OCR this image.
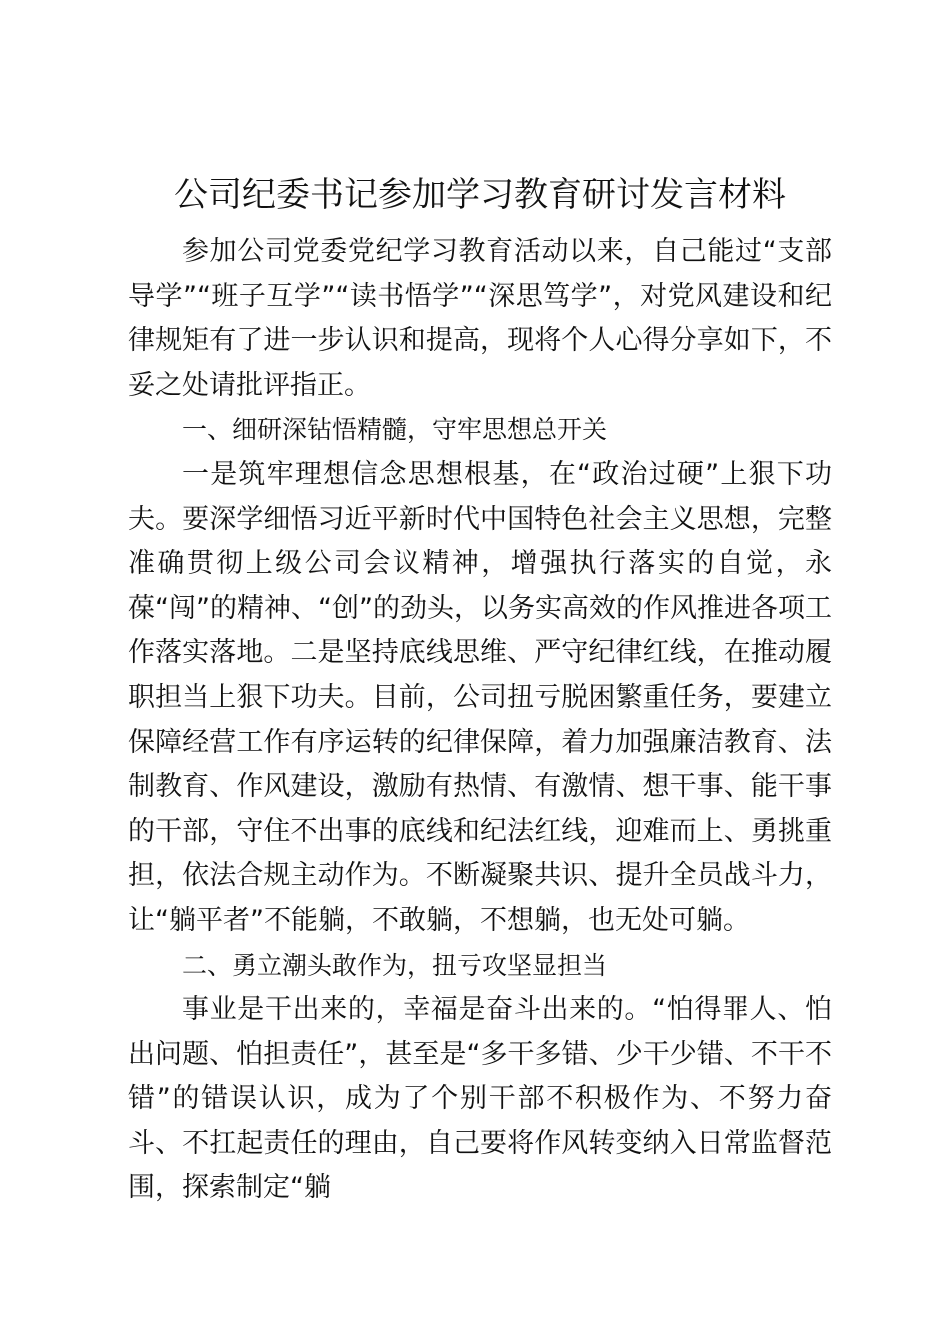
公司纪委书记参加学习教育研讨发言材料

参加公司党委党纪学习教育活动以来，自己能过“支部导学”“班子互学”“读书悟学”“深思笃学”，对党风建设和纪律规矩有了进一步认识和提高，现将个人心得分享如下，不妥之处请批评指正。

一、细研深钻悟精髓，守牢思想总开关

一是筑牢理想信念思想根基，在“政治过硬”上狠下功夫。要深学细悟习近平新时代中国特色社会主义思想，完整准确贯彻上级公司会议精神，增强执行落实的自觉，永葆“闯”的精神、“创”的劲头，以务实高效的作风推进各项工作落实落地。二是坚持底线思维、严守纪律红线，在推动履职担当上狠下功夫。目前，公司扭亏脱困繁重任务，要建立保障经营工作有序运转的纪律保障，着力加强廉洁教育、法制教育、作风建设，激励有热情、有激情、想干事、能干事的干部，守住不出事的底线和纪法红线，迎难而上、勇挑重担，依法合规主动作为。不断凝聚共识、提升全员战斗力，让“躺平者”不能躺，不敢躺，不想躺，也无处可躺。

二、勇立潮头敢作为，扭亏攻坚显担当

事业是干出来的，幸福是奋斗出来的。“怕得罪人、怕出问题、怕担责任”，甚至是“多干多错、少干少错、不干不错”的错误认识，成为了个别干部不积极作为、不努力奋斗、不扛起责任的理由，自己要将作风转变纳入日常监督范围，探索制定“躺
